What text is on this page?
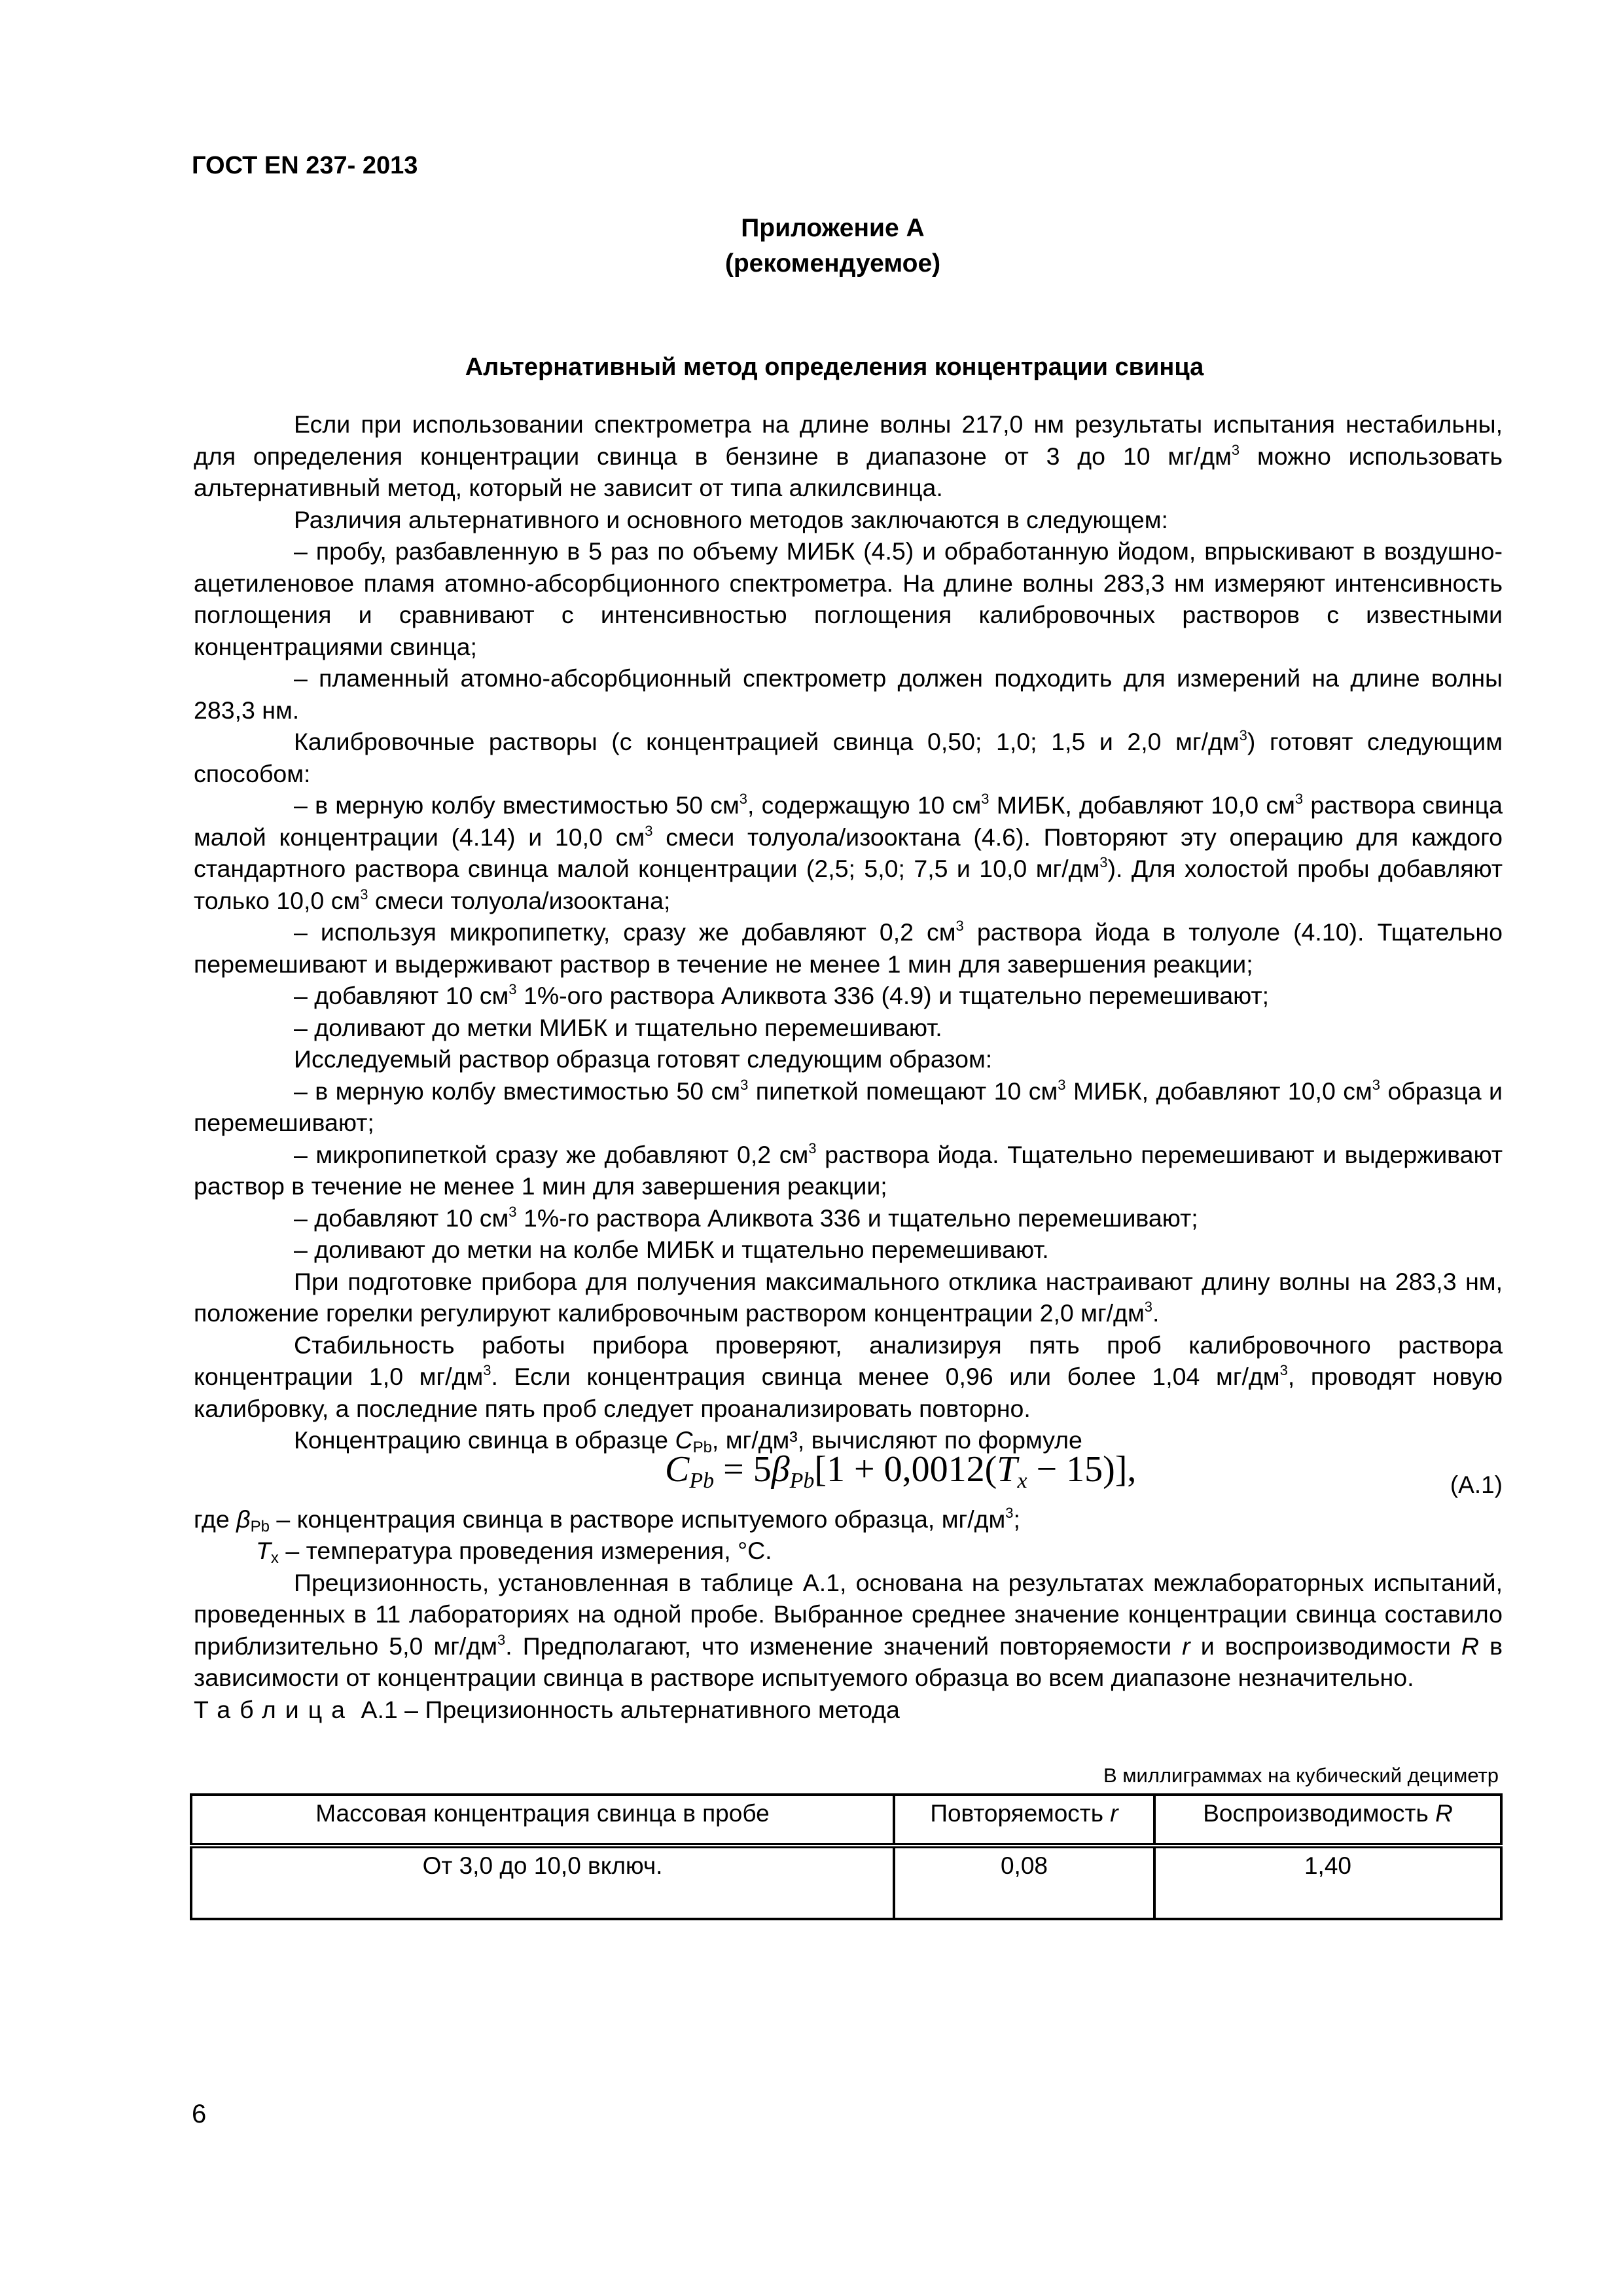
ГОСТ EN 237- 2013
Приложение А
(рекомендуемое)
Альтернативный метод определения концентрации свинца

Если при использовании спектрометра на длине волны 217,0 нм результаты испытания нестабильны, для определения концентрации свинца в бензине в диапазоне от 3 до 10 $мг/дм^3$ можно использовать альтернативный метод, который не зависит от типа алкилсвинца.

Различия альтернативного и основного методов заключаются в следующем:

– пробу, разбавленную в 5 раз по объему МИБК (4.5) и обработанную йодом, впрыскивают в воздушно-ацетиленовое пламя атомно-абсорбционного спектрометра. На длине волны 283,3 нм измеряют интенсивность поглощения и сравнивают с интенсивностью поглощения калибровочных растворов с известными концентрациями свинца;

– пламенный атомно-абсорбционный спектрометр должен подходить для измерений на длине волны 283,3 нм.

Калибровочные растворы (с концентрацией свинца 0,50; 1,0; 1,5 и 2,0 $мг/дм^3$) готовят следующим способом:

– в мерную колбу вместимостью 50 $см^3$, содержащую 10 $см^3$ МИБК, добавляют 10,0 $см^3$ раствора свинца малой концентрации (4.14) и 10,0 $см^3$ смеси толуола/изооктана (4.6). Повторяют эту операцию для каждого стандартного раствора свинца малой концентрации (2,5; 5,0; 7,5 и 10,0 $мг/дм^3$). Для холостой пробы добавляют только 10,0 $см^3$ смеси толуола/изооктана;

– используя микропипетку, сразу же добавляют 0,2 $см^3$ раствора йода в толуоле (4.10). Тщательно перемешивают и выдерживают раствор в течение не менее 1 мин для завершения реакции;

– добавляют 10 $см^3$ 1%-ого раствора Аликвота 336 (4.9) и тщательно перемешивают;

– доливают до метки МИБК и тщательно перемешивают.

Исследуемый раствор образца готовят следующим образом:

– в мерную колбу вместимостью 50 $см^3$ пипеткой помещают 10 $см^3$ МИБК, добавляют 10,0 $см^3$ образца и перемешивают;

– микропипеткой сразу же добавляют 0,2 $см^3$ раствора йода. Тщательно перемешивают и выдерживают раствор в течение не менее 1 мин для завершения реакции;

– добавляют 10 $см^3$ 1%-го раствора Аликвота 336 и тщательно перемешивают;

– доливают до метки на колбе МИБК и тщательно перемешивают.

При подготовке прибора для получения максимального отклика настраивают длину волны на 283,3 нм, положение горелки регулируют калибровочным раствором концентрации 2,0 $мг/дм^3$.

Стабильность работы прибора проверяют, анализируя пять проб калибровочного раствора концентрации 1,0 $мг/дм^3$. Если концентрация свинца менее 0,96 или более 1,04 $мг/дм^3$, проводят новую калибровку, а последние пять проб следует проанализировать повторно.

Концентрацию свинца в образце $С_{Pb}$, мг/дм³, вычисляют по формуле

$C_{Pb} = 5\beta_{Pb}[1 + 0,0012(T_x - 15)]$,	(А.1)

где $\beta_{Pb}$ – концентрация свинца в растворе испытуемого образца, $мг/дм^3$;

$T_x$ – температура проведения измерения, °С.

Прецизионность, установленная в таблице А.1, основана на результатах межлабораторных испытаний, проведенных в 11 лабораториях на одной пробе. Выбранное среднее значение концентрации свинца составило приблизительно 5,0 $мг/дм^3$. Предполагают, что изменение значений повторяемости r и воспроизводимости R в зависимости от концентрации свинца в растворе испытуемого образца во всем диапазоне незначительно.

Таблица А.1 – Прецизионность альтернативного метода

В миллиграммах на кубический дециметр
Массовая концентрация свинца в пробе	Повторяемость r	Воспроизводимость R
От 3,0 до 10,0 включ.	0,08	1,40
6
